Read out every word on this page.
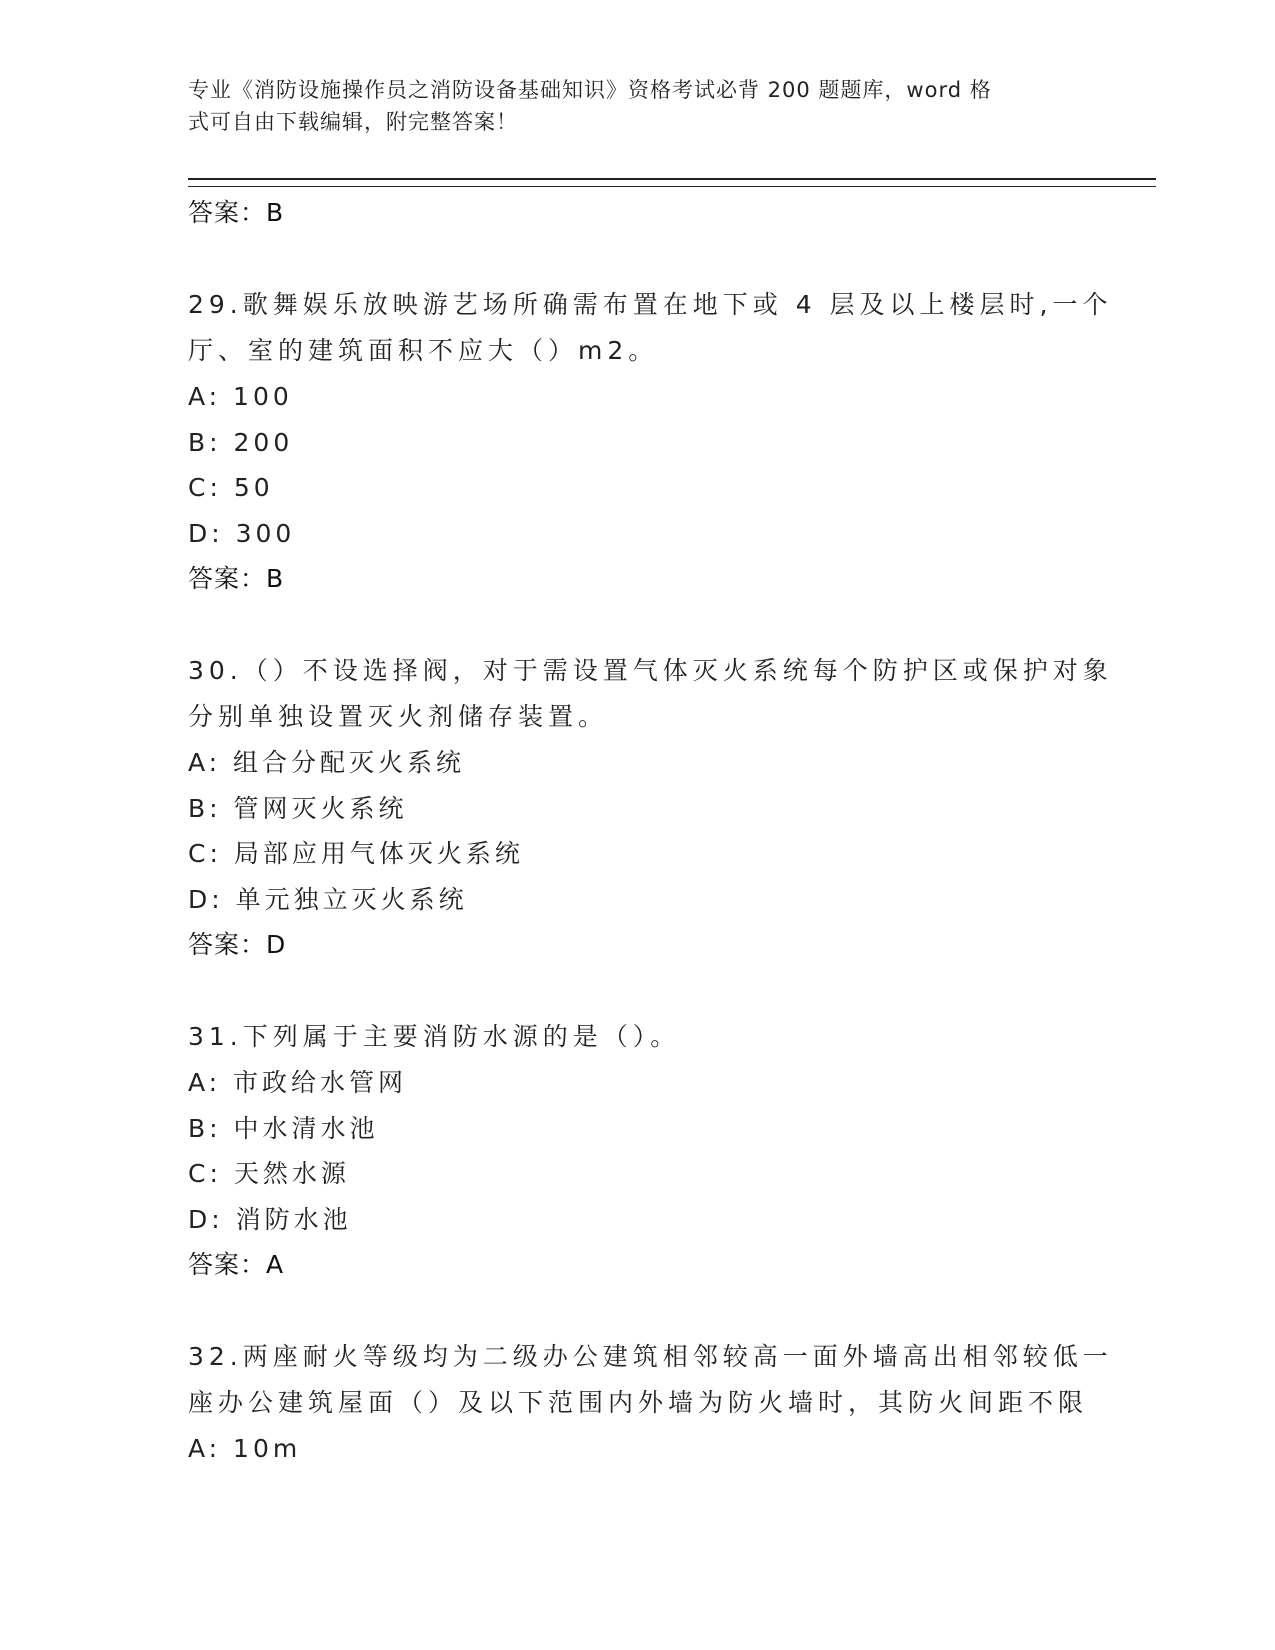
专业《消防设施操作员之消防设备基础知识》资格考试必背 200 题题库，word 格
式可自由下载编辑，附完整答案！
答案：B
29.歌舞娱乐放映游艺场所确需布置在地下或 4 层及以上楼层时,一个
厅、室的建筑面积不应大（）m2。
A: 100
B: 200
C: 50
D: 300
答案：B
30.（）不设选择阀，对于需设置气体灭火系统每个防护区或保护对象
分别单独设置灭火剂储存装置。
A: 组合分配灭火系统
B: 管网灭火系统
C: 局部应用气体灭火系统
D: 单元独立灭火系统
答案：D
31.下列属于主要消防水源的是（）。
A: 市政给水管网
B: 中水清水池
C: 天然水源
D: 消防水池
答案：A
32.两座耐火等级均为二级办公建筑相邻较高一面外墙高出相邻较低一
座办公建筑屋面（）及以下范围内外墙为防火墙时，其防火间距不限
A: 10m
